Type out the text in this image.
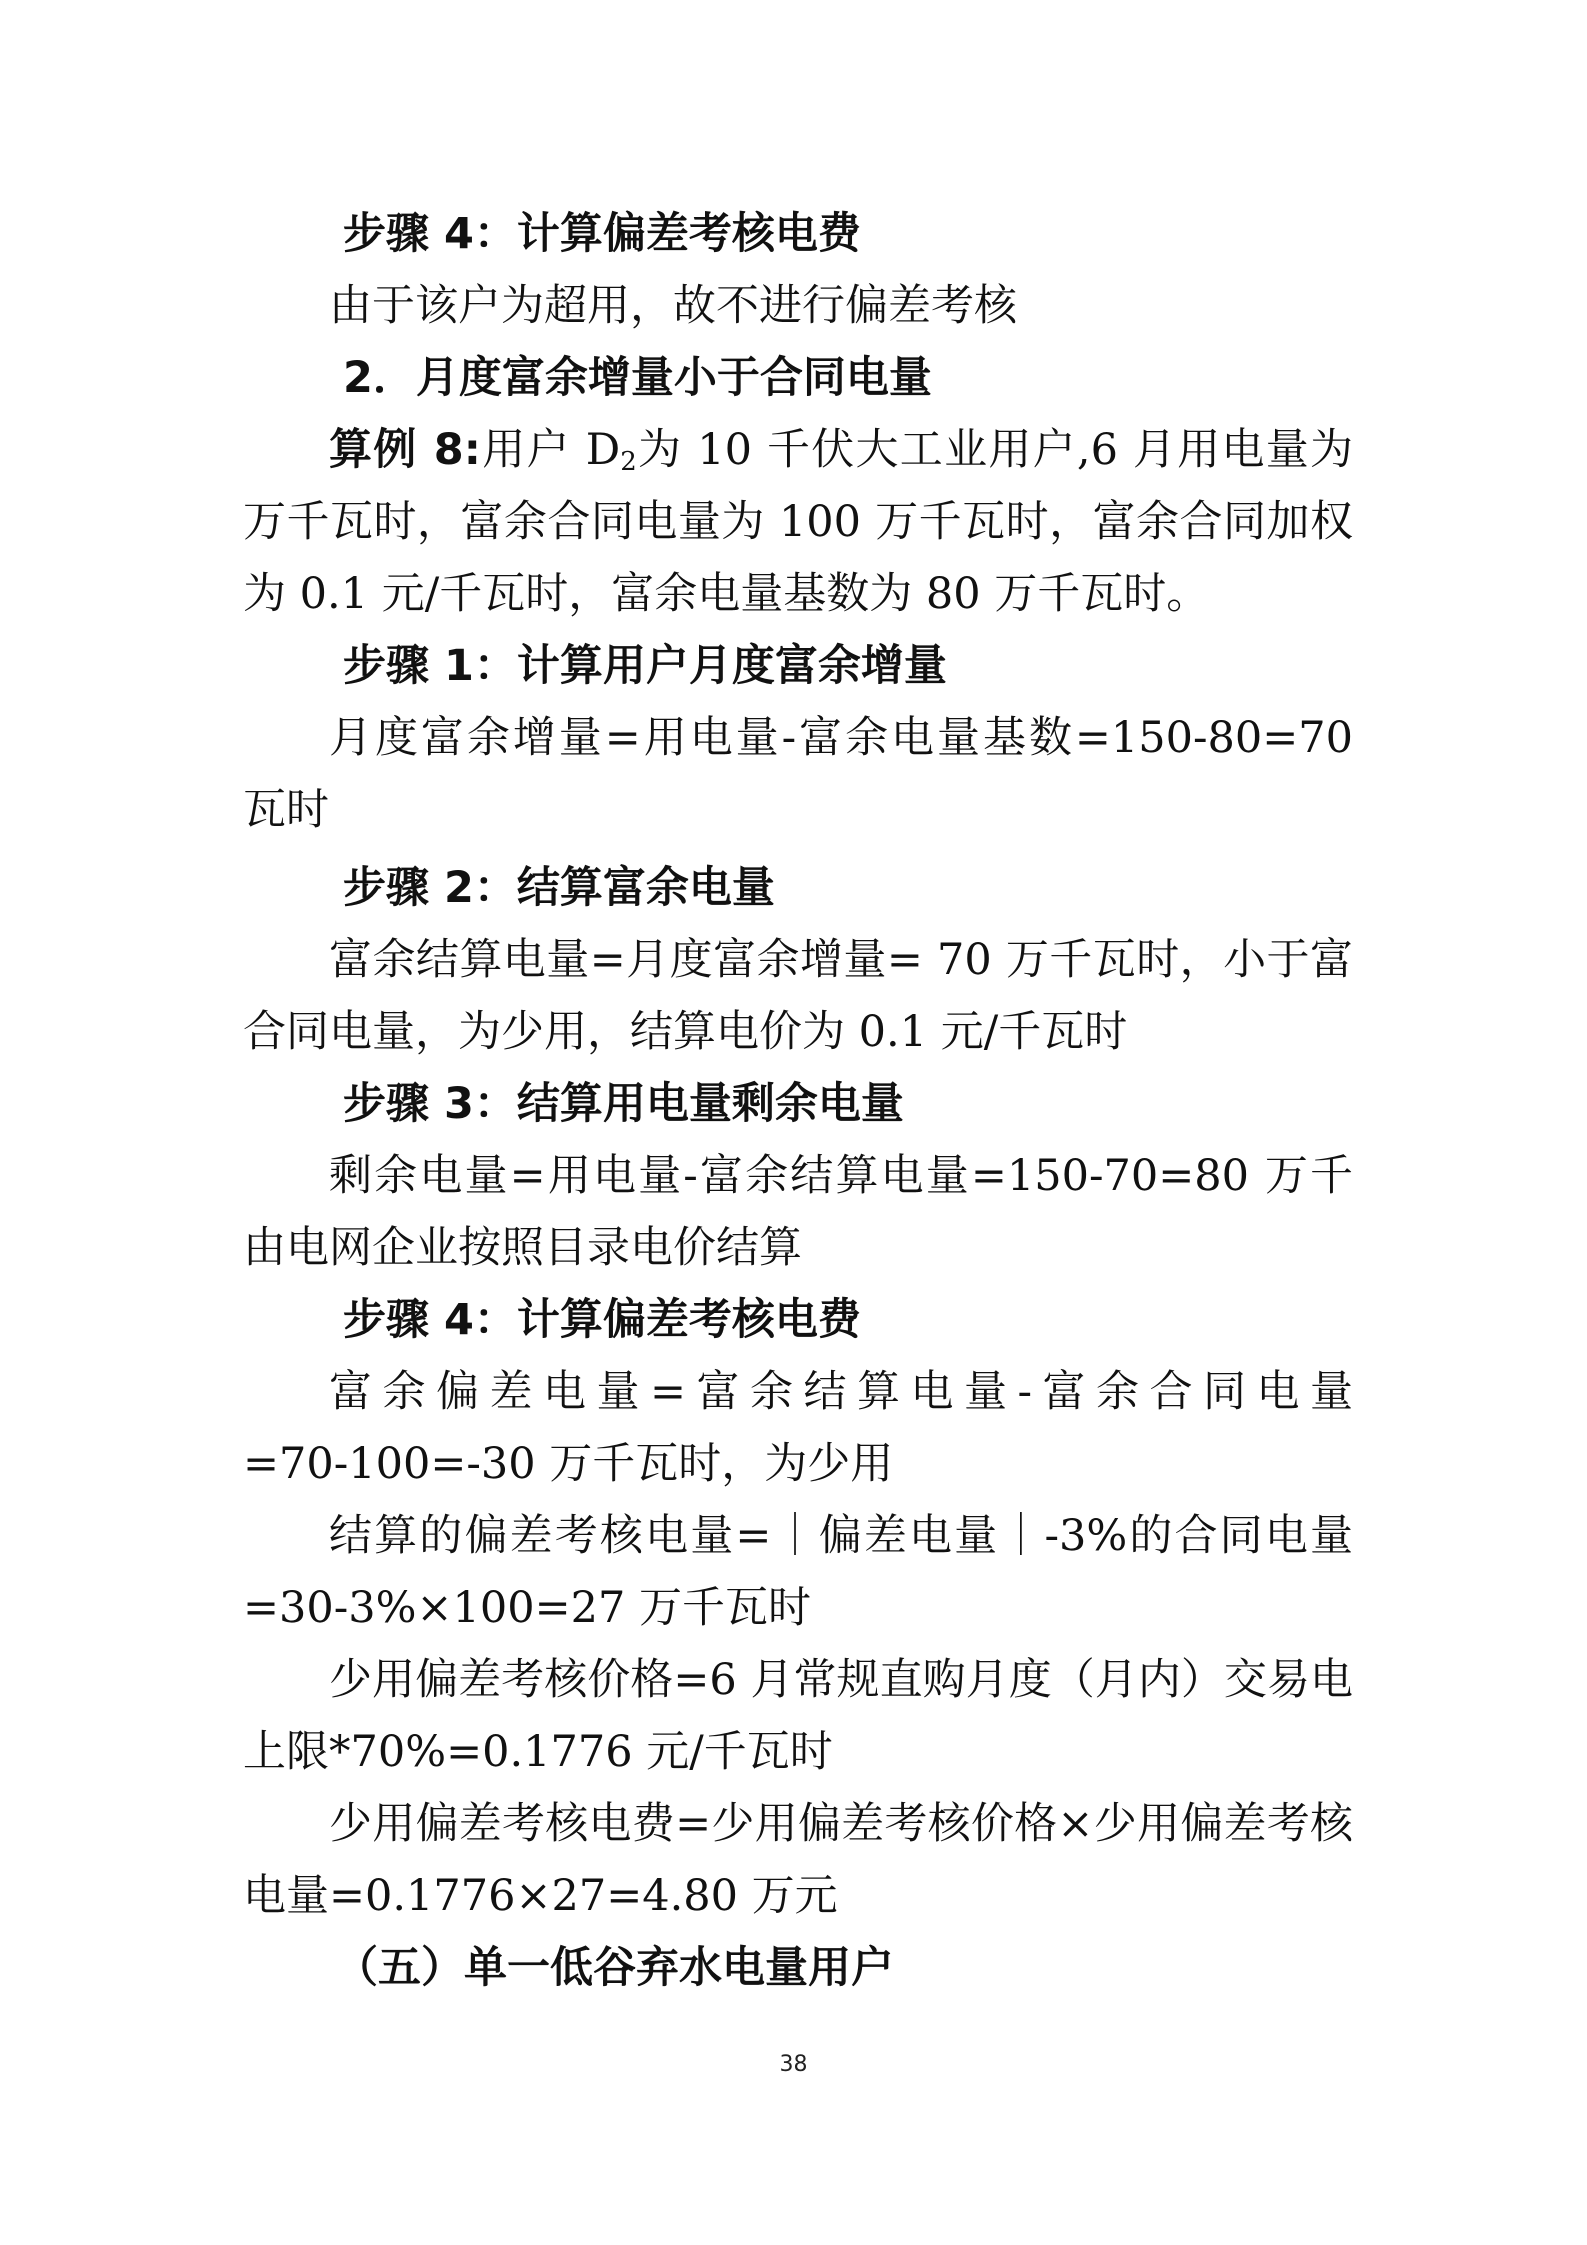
步骤 4：计算偏差考核电费
由于该户为超用，故不进行偏差考核
2．月度富余增量小于合同电量
算例 8:用户 $D_2$为 10 千伏大工业用户,6 月用电量为
万千瓦时，富余合同电量为 100 万千瓦时，富余合同加权
为 0.1 元/千瓦时，富余电量基数为 80 万千瓦时。
步骤 1：计算用户月度富余增量
月度富余增量=用电量-富余电量基数=150-80=70
瓦时
步骤 2：结算富余电量
富余结算电量=月度富余增量= 70 万千瓦时，小于富
合同电量，为少用，结算电价为 0.1 元/千瓦时
步骤 3：结算用电量剩余电量
剩余电量=用电量-富余结算电量=150-70=80 万千
由电网企业按照目录电价结算
步骤 4：计算偏差考核电费
富余偏差电量=富余结算电量-富余合同电量
=70-100=-30 万千瓦时，为少用
结算的偏差考核电量=｜偏差电量｜-3%的合同电量
=30-3%×100=27 万千瓦时
少用偏差考核价格=6 月常规直购月度（月内）交易电
上限*70%=0.1776 元/千瓦时
少用偏差考核电费=少用偏差考核价格×少用偏差考核
电量=0.1776×27=4.80 万元
（五）单一低谷弃水电量用户
38
